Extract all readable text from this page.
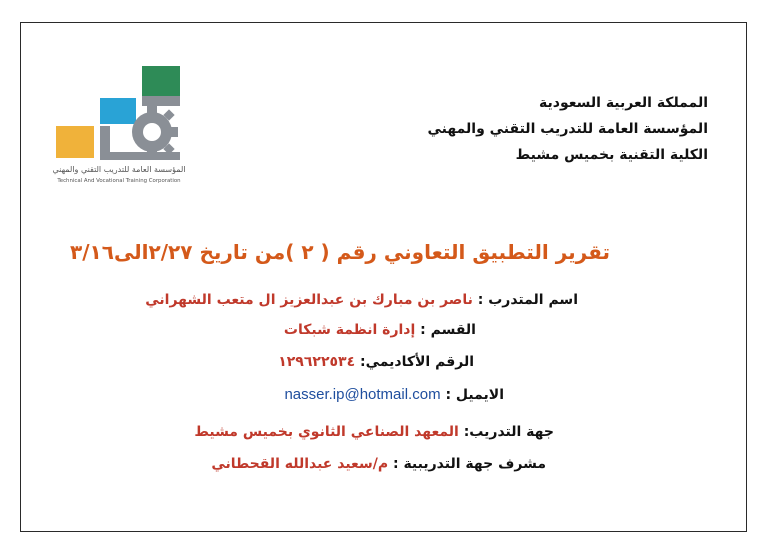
المؤسسة العامة للتدريب التقني والمهني
Technical And Vocational Training Corporation
المملكة العربية السعودية
المؤسسة العامة للتدريب التقني والمهني
الكلية التقنية بخميس مشيط
تقرير التطبيق التعاوني رقم ( ٢ )من تاريخ ٢/٢٧الى٣/١٦
اسم المتدرب : ناصر بن مبارك بن عبدالعزيز ال متعب الشهراني
القسم : إدارة انظمة شبكات
الرقم الأكاديمي: ١٢٩٦٢٢٥٣٤
الايميل : nasser.ip@hotmail.com
جهة التدريب: المعهد الصناعي الثانوي بخميس مشيط
مشرف جهة التدريبية : م/سعيد عبدالله القحطاني
